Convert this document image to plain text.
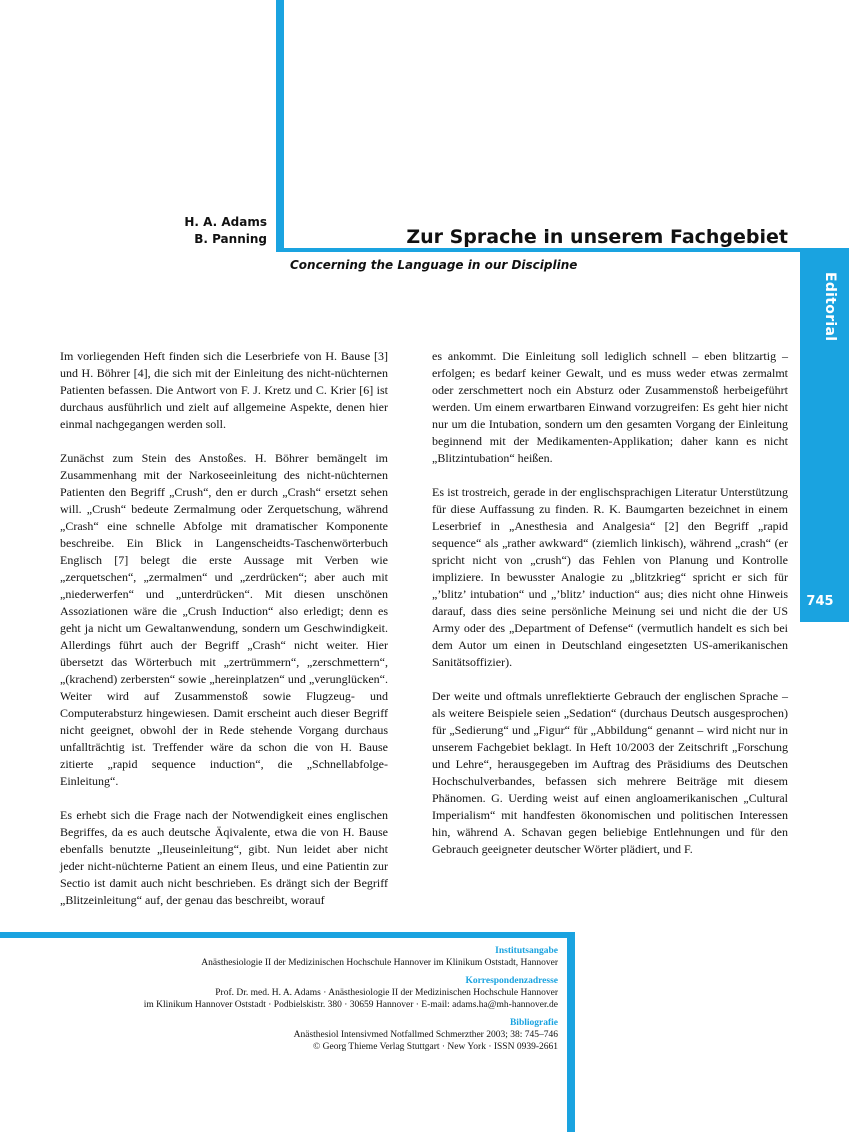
Editorial
745
H. A. Adams
B. Panning	Zur Sprache in unserem Fachgebiet
Concerning the Language in our Discipline

Im vorliegenden Heft finden sich die Leserbriefe von H. Bause [3] und H. Böhrer [4], die sich mit der Einleitung des nicht-nüchternen Patienten befassen. Die Antwort von F. J. Kretz und C. Krier [6] ist durchaus ausführlich und zielt auf allgemeine Aspekte, denen hier einmal nachgegangen werden soll.

Zunächst zum Stein des Anstoßes. H. Böhrer bemängelt im Zusammenhang mit der Narkoseeinleitung des nicht-nüchternen Patienten den Begriff „Crush“, den er durch „Crash“ ersetzt sehen will. „Crush“ bedeute Zermalmung oder Zerquetschung, während „Crash“ eine schnelle Abfolge mit dramatischer Komponente beschreibe. Ein Blick in Langenscheidts-Taschenwörterbuch Englisch [7] belegt die erste Aussage mit Verben wie „zerquetschen“, „zermalmen“ und „zerdrücken“; aber auch mit „niederwerfen“ und „unterdrücken“. Mit diesen unschönen Assoziationen wäre die „Crush Induction“ also erledigt; denn es geht ja nicht um Gewaltanwendung, sondern um Geschwindigkeit. Allerdings führt auch der Begriff „Crash“ nicht weiter. Hier übersetzt das Wörterbuch mit „zertrümmern“, „zerschmettern“, „(krachend) zerbersten“ sowie „hereinplatzen“ und „verunglücken“. Weiter wird auf Zusammenstoß sowie Flugzeug- und Computerabsturz hingewiesen. Damit erscheint auch dieser Begriff nicht geeignet, obwohl der in Rede stehende Vorgang durchaus unfallträchtig ist. Treffender wäre da schon die von H. Bause zitierte „rapid sequence induction“, die „Schnellabfolge-Einleitung“.

Es erhebt sich die Frage nach der Notwendigkeit eines englischen Begriffes, da es auch deutsche Äqivalente, etwa die von H. Bause ebenfalls benutzte „Ileuseinleitung“, gibt. Nun leidet aber nicht jeder nicht-nüchterne Patient an einem Ileus, und eine Patientin zur Sectio ist damit auch nicht beschrieben. Es drängt sich der Begriff „Blitzeinleitung“ auf, der genau das beschreibt, worauf

es ankommt. Die Einleitung soll lediglich schnell – eben blitzartig – erfolgen; es bedarf keiner Gewalt, und es muss weder etwas zermalmt oder zerschmettert noch ein Absturz oder Zusammenstoß herbeigeführt werden. Um einem erwartbaren Einwand vorzugreifen: Es geht hier nicht nur um die Intubation, sondern um den gesamten Vorgang der Einleitung beginnend mit der Medikamenten-Applikation; daher kann es nicht „Blitzintubation“ heißen.

Es ist trostreich, gerade in der englischsprachigen Literatur Unterstützung für diese Auffassung zu finden. R. K. Baumgarten bezeichnet in einem Leserbrief in „Anesthesia and Analgesia“ [2] den Begriff „rapid sequence“ als „rather awkward“ (ziemlich linkisch), während „crash“ (er spricht nicht von „crush“) das Fehlen von Planung und Kontrolle impliziere. In bewusster Analogie zu „blitzkrieg“ spricht er sich für „’blitz’ intubation“ und „’blitz’ induction“ aus; dies nicht ohne Hinweis darauf, dass dies seine persönliche Meinung sei und nicht die der US Army oder des „Department of Defense“ (vermutlich handelt es sich bei dem Autor um einen in Deutschland eingesetzten US-amerikanischen Sanitätsoffizier).

Der weite und oftmals unreflektierte Gebrauch der englischen Sprache – als weitere Beispiele seien „Sedation“ (durchaus Deutsch ausgesprochen) für „Sedierung“ und „Figur“ für „Abbildung“ genannt – wird nicht nur in unserem Fachgebiet beklagt. In Heft 10/2003 der Zeitschrift „Forschung und Lehre“, herausgegeben im Auftrag des Präsidiums des Deutschen Hochschulverbandes, befassen sich mehrere Beiträge mit diesem Phänomen. G. Uerding weist auf einen angloamerikanischen „Cultural Imperialism“ mit handfesten ökonomischen und politischen Interessen hin, während A. Schavan gegen beliebige Entlehnungen und für den Gebrauch geeigneter deutscher Wörter plädiert, und F.

Institutsangabe
Anästhesiologie II der Medizinischen Hochschule Hannover im Klinikum Oststadt, Hannover
Korrespondenzadresse
Prof. Dr. med. H. A. Adams · Anästhesiologie II der Medizinischen Hochschule Hannover
im Klinikum Hannover Oststadt · Podbielskistr. 380 · 30659 Hannover · E-mail: adams.ha@mh-hannover.de
Bibliografie
Anästhesiol Intensivmed Notfallmed Schmerzther 2003; 38: 745–746
© Georg Thieme Verlag Stuttgart · New York · ISSN 0939-2661
